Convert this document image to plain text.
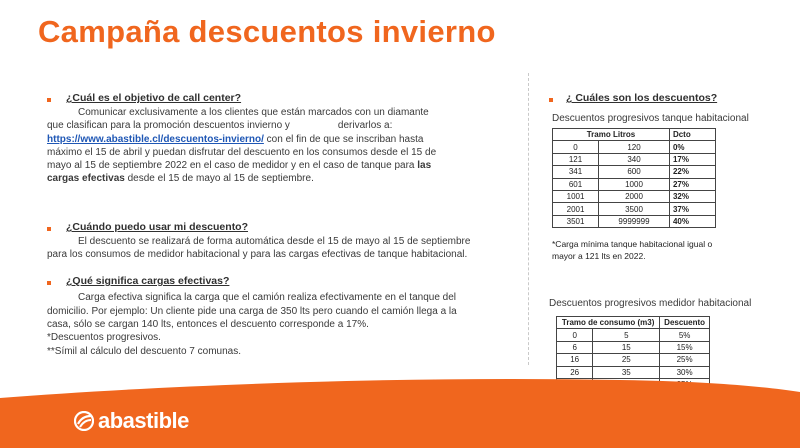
Campaña descuentos invierno
¿Cuál es el objetivo de call center?
Comunicar exclusivamente a los clientes que están marcados con un diamante
que clasifican para la promoción descuentos invierno y	derivarlos a:
https://www.abastible.cl/descuentos-invierno/ con el fin de que se inscriban hasta
máximo el 15 de abril y puedan disfrutar del descuento en los consumos desde el 15 de
mayo al 15 de septiembre 2022 en el caso de medidor y en el caso de tanque para las
cargas efectivas desde el 15 de mayo al 15 de septiembre.
¿Cuándo puedo usar mi descuento?
El descuento se realizará de forma automática desde el 15 de mayo al 15 de septiembre
para los consumos de medidor habitacional y para las cargas efectivas de tanque habitacional.
¿Qué significa cargas efectivas?
Carga efectiva significa la carga que el camión realiza efectivamente en el tanque del
domicilio. Por ejemplo: Un cliente pide una carga de 350 lts pero cuando el camión llega a la
casa, sólo se cargan 140 lts, entonces el descuento corresponde a 17%.
*Descuentos progresivos.
**Símil al cálculo del descuento 7 comunas.
¿ Cuáles son los descuentos?
Descuentos progresivos tanque habitacional
Tramo Litros		Dcto
0	120	0%
121	340	17%
341	600	22%
601	1000	27%
1001	2000	32%
2001	3500	37%
3501	9999999	40%
*Carga mínima tanque habitacional igual o
mayor a 121 lts en 2022.
Descuentos progresivos medidor habitacional
Tramo de consumo (m3)		Descuento
0	5	5%
6	15	15%
16	25	25%
26	35	30%

abastible
